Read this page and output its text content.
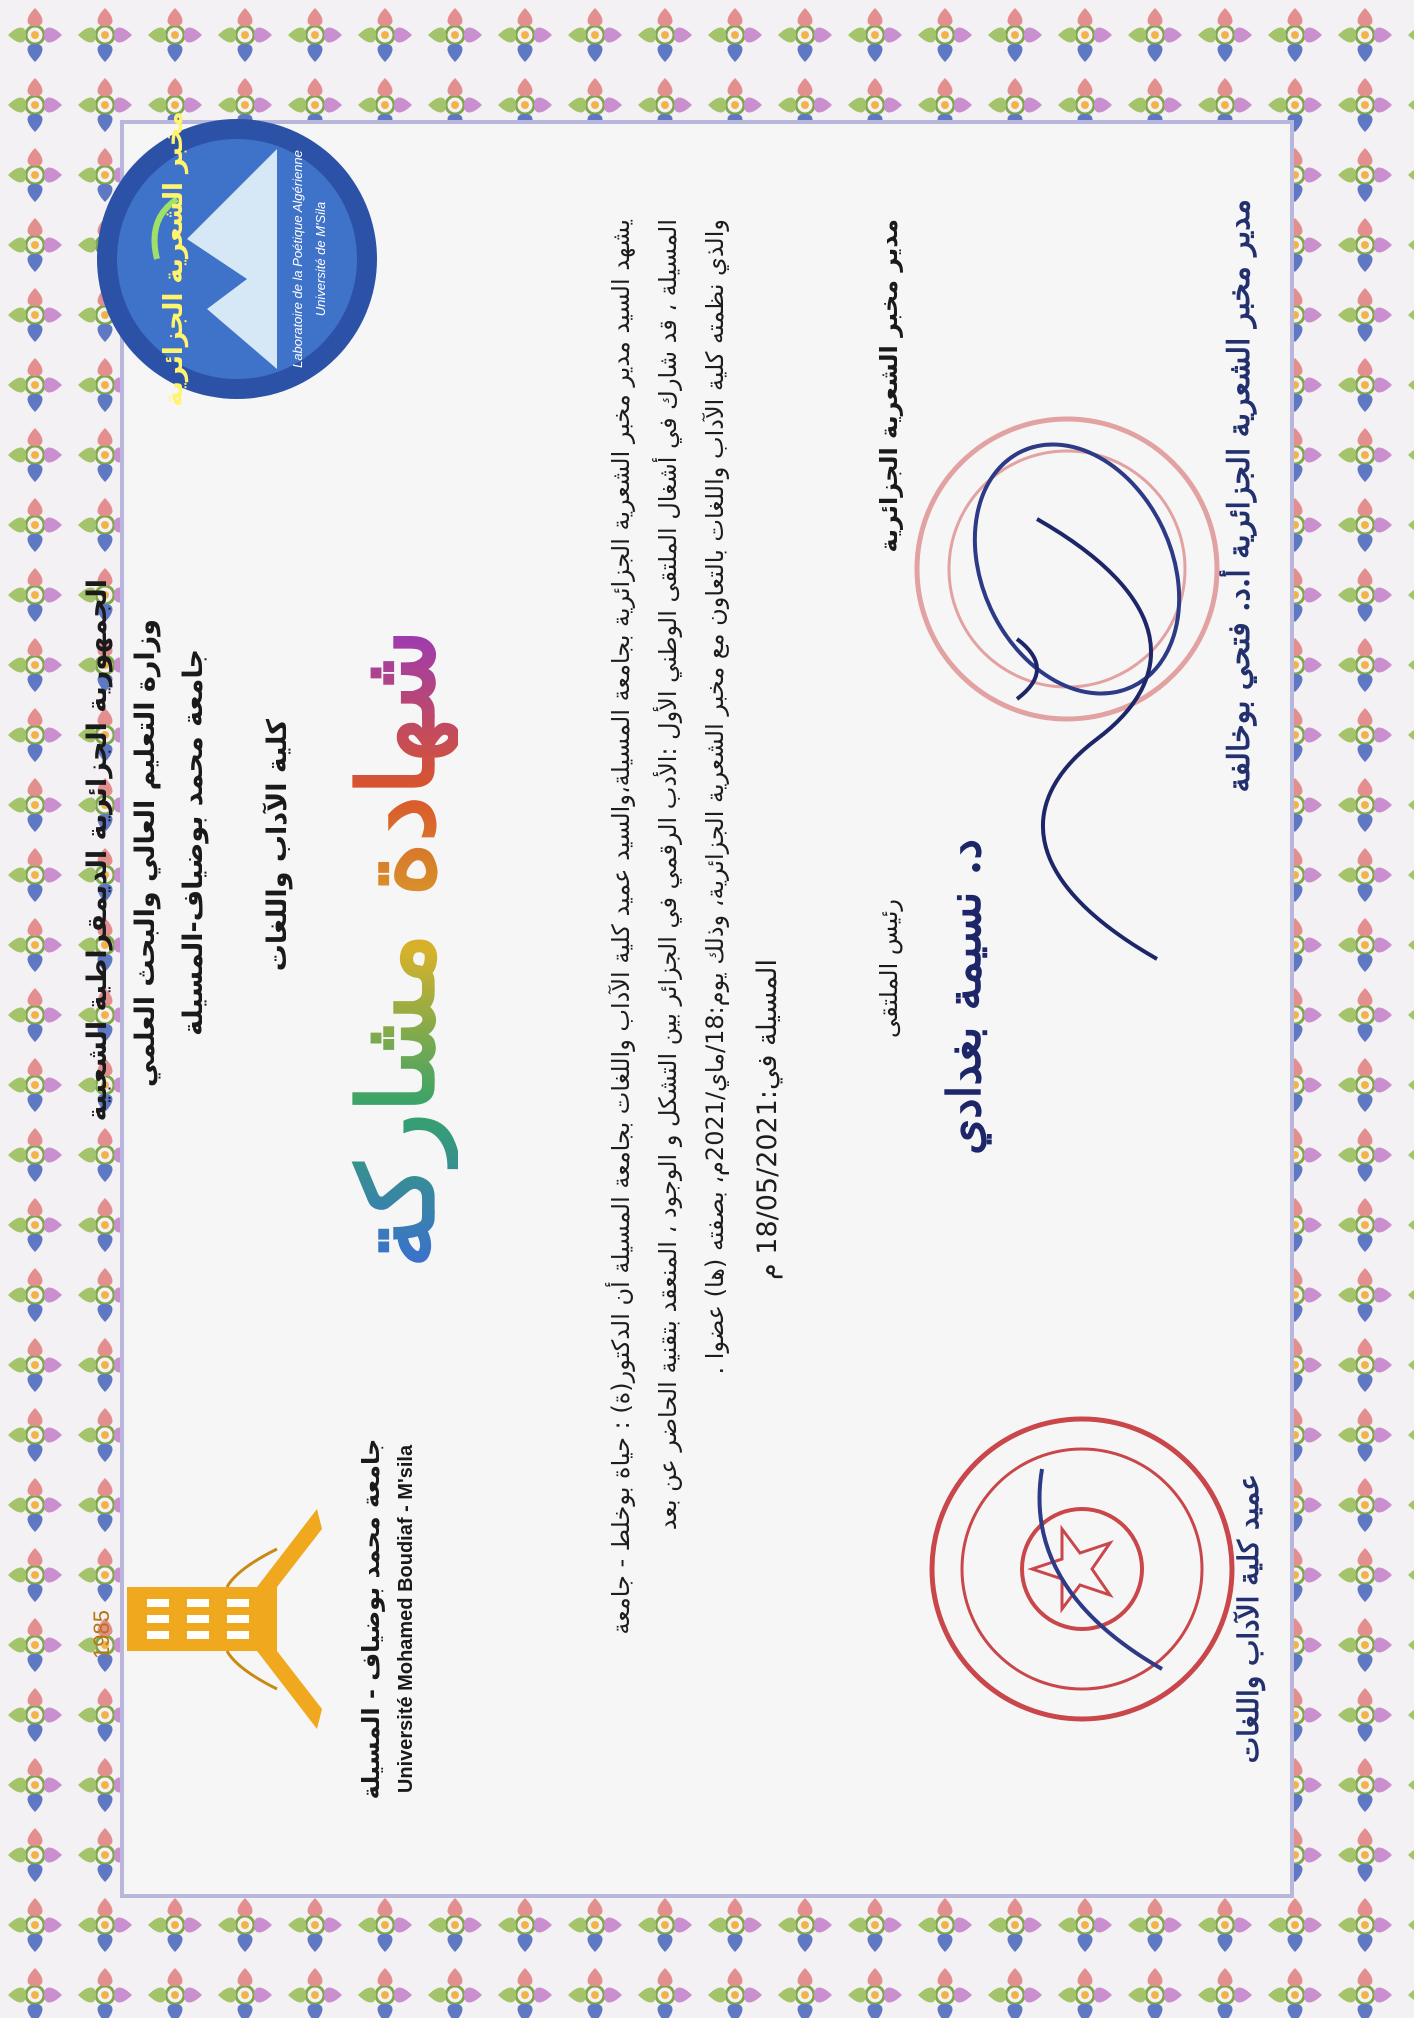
الجمهورية الجزائرية الديمقراطية الشعبية وزارة التعليم العالي والبحث العلمي جامعة محمد بوضياف-المسيلة كلية الآداب واللغات شهادة مشاركة	يشهد السيد مدير مخبر الشعرية الجزائرية بجامعة المسيلة،والسيد عميد كلية الآداب واللغات بجامعة المسيلة أن الدكتور(ة) : حياة بوخلط - جامعة المسيلة ، قد شارك في أشغال الملتقى الوطني الأول :الأدب الرقمي في الجزائر بين التشكل و الوجود ، المنعقد بتقنية الحاضر عن بعد والذي نظمته كلية الآداب واللغات بالتعاون مع مخبر الشعرية الجزائرية، وذلك يوم:18/ماي/2021م، بصفته (ها) عضوا .
المسيلة في:18/05/2021 م
مدير مخبر الشعرية الجزائرية
رئيس الملتقى د. نسيمة بغدادي
مدير مخبر الشعرية الجزائرية أ.د. فتحي بوخالفة
عميد كلية الآداب واللغات
1985	جامعة محمد بوضياف - المسيلة Université Mohamed Boudiaf - M'sila
مخبر الشعرية الجزائرية	Laboratoire de la Poétique Algérienne Université de M'Sila
